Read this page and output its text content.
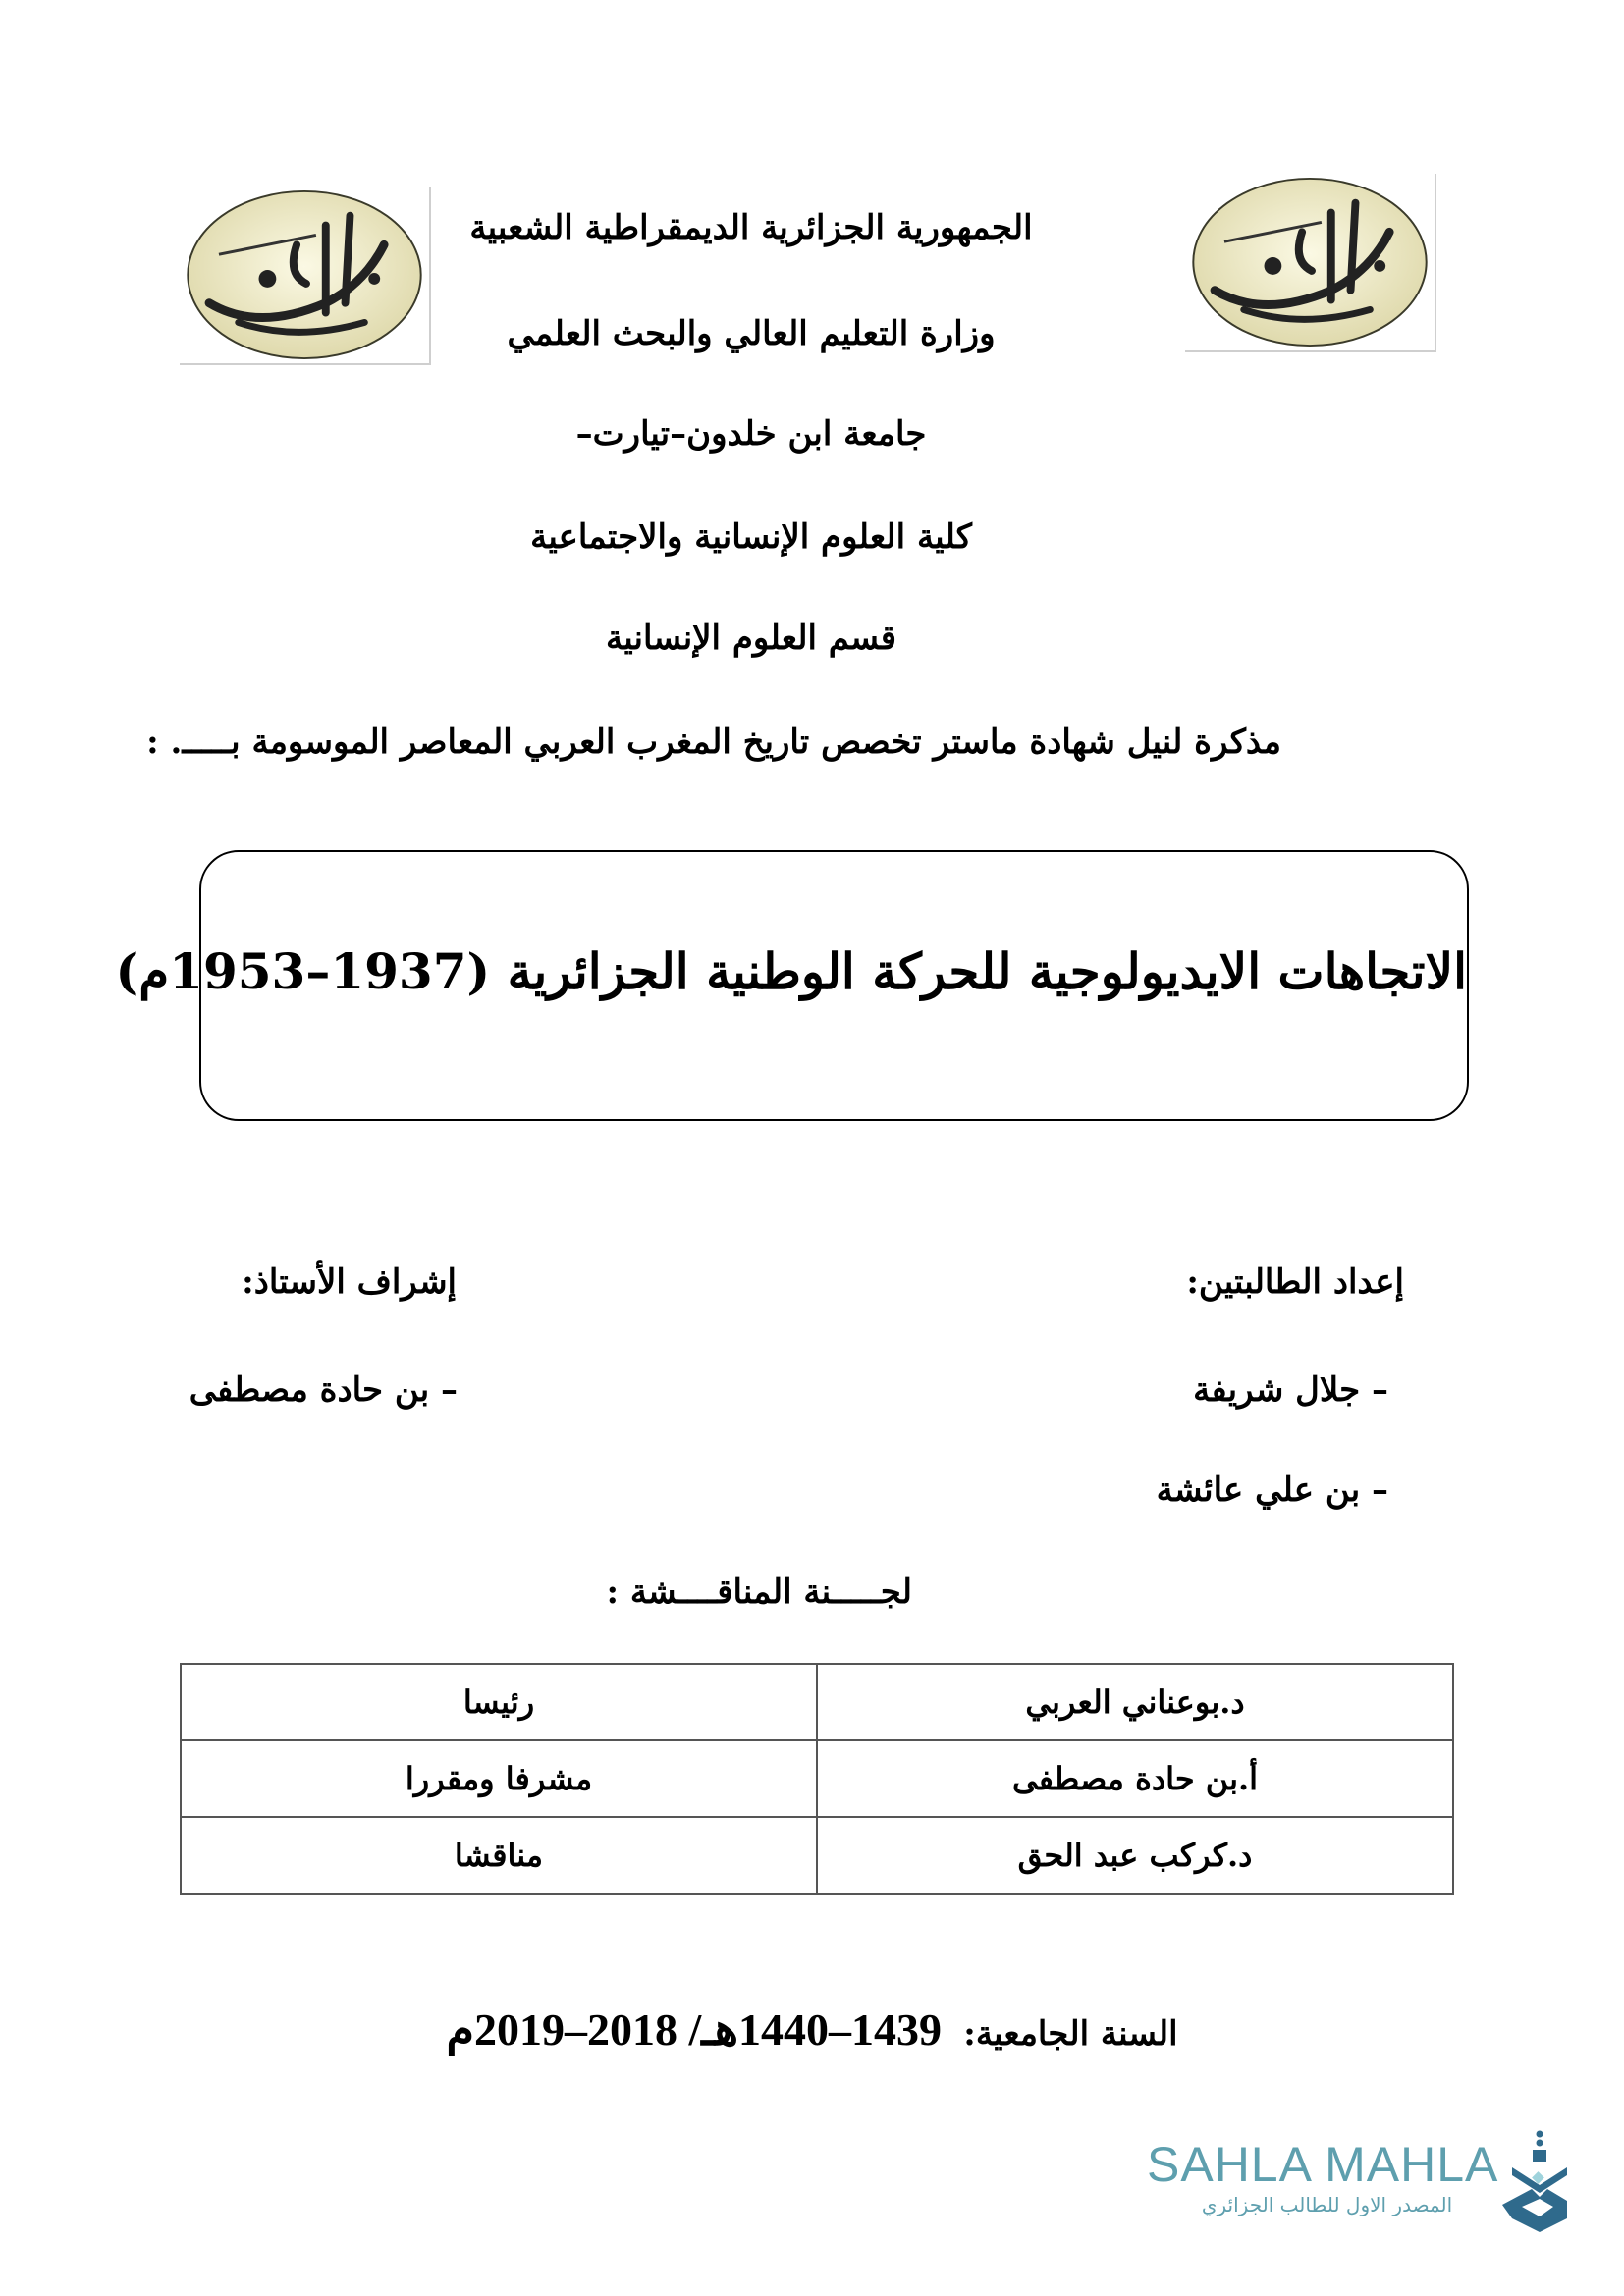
الجمهورية الجزائرية الديمقراطية الشعبية
وزارة التعليم العالي والبحث العلمي
جامعة ابن خلدون–تيارت–
كلية العلوم الإنسانية والاجتماعية
قسم العلوم الإنسانية
مذكرة لنيل شهادة ماستر تخصص تاريخ المغرب العربي المعاصر الموسومة بـــــ. :
الاتجاهات الايديولوجية للحركة الوطنية الجزائرية (1937–1953م)
إعداد الطالبتين:
إشراف الأستاذ:
– جلال شريفة
– بن حادة مصطفى
– بن علي عائشة
لجـــــنة المناقــــشة :
د.بوعناني العربي	رئيسا
أ.بن حادة مصطفى	مشرفا ومقررا
د.كركب عبد الحق	مناقشا
السنة الجامعية:    1439–1440هـ/ 2018–2019م
SAHLA MAHLA
المصدر الاول للطالب الجزائري
